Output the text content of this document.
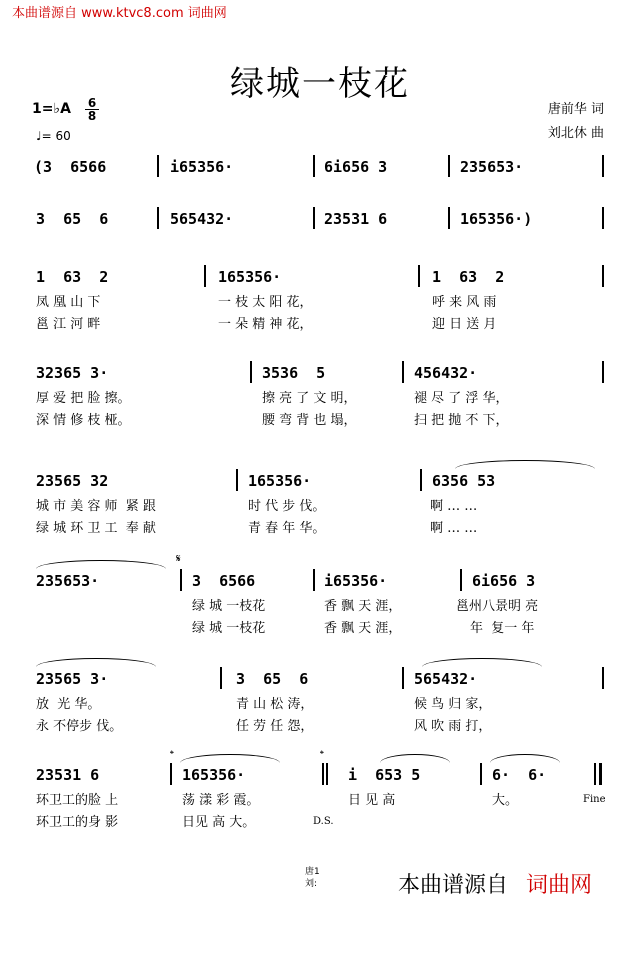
本曲谱源自 www.ktvc8.com 词曲网
绿城一枝花
1=♭A 6
8
♩= 60
唐前华 词
刘北休 曲

(3  6566

	i65356·

	6i656 3

	235653·

3  65  6

	565432·

	23531 6

	165356·)

1  63  2

	165356·

	1  63  2

凤 凰 山 下

	一 枝 太 阳 花，

	呼 来 风 雨

邕 江 河 畔

	一 朵 精 神 花，

	迎 日 送 月

32365 3·

	3536  5

	456432·

厚 爱 把 脸 擦。

	擦 亮 了 文 明，

	褪 尽 了 浮 华，

深 情 修 枝 桠。

	腰 弯 背 也 塌，

	扫 把 抛 不 下，

23565 32

	165356·

	6356 53

城 市 美 容 师  紧 跟

	时 代 步 伐。

	啊 … …

绿 城 环 卫 工  奉 献

	青 春 年 华。

	啊 … …

𝄋

235653·

	3  6566

	i65356·

	6i656 3

绿 城 一枝花

	香 飘 天 涯，

	邕州八景明 亮

绿 城 一枝花

	香 飘 天 涯，

	年  复一 年

23565 3·

	3  65  6

	565432·

放  光 华。

	青 山 松 涛，

	候 鸟 归 家，

永 不停步 伐。

	任 劳 任 怨，

	风 吹 雨 打，

𝄌	𝄌

23531 6

	165356·

	i  653 5

	6·  6·

环卫工的脸 上

	荡 漾 彩 霞。

	日 见 高

	大。

	Fine

环卫工的身 影

	日见 高 大。

	D.S.

唐1
刘:	本曲谱源自 词曲网
